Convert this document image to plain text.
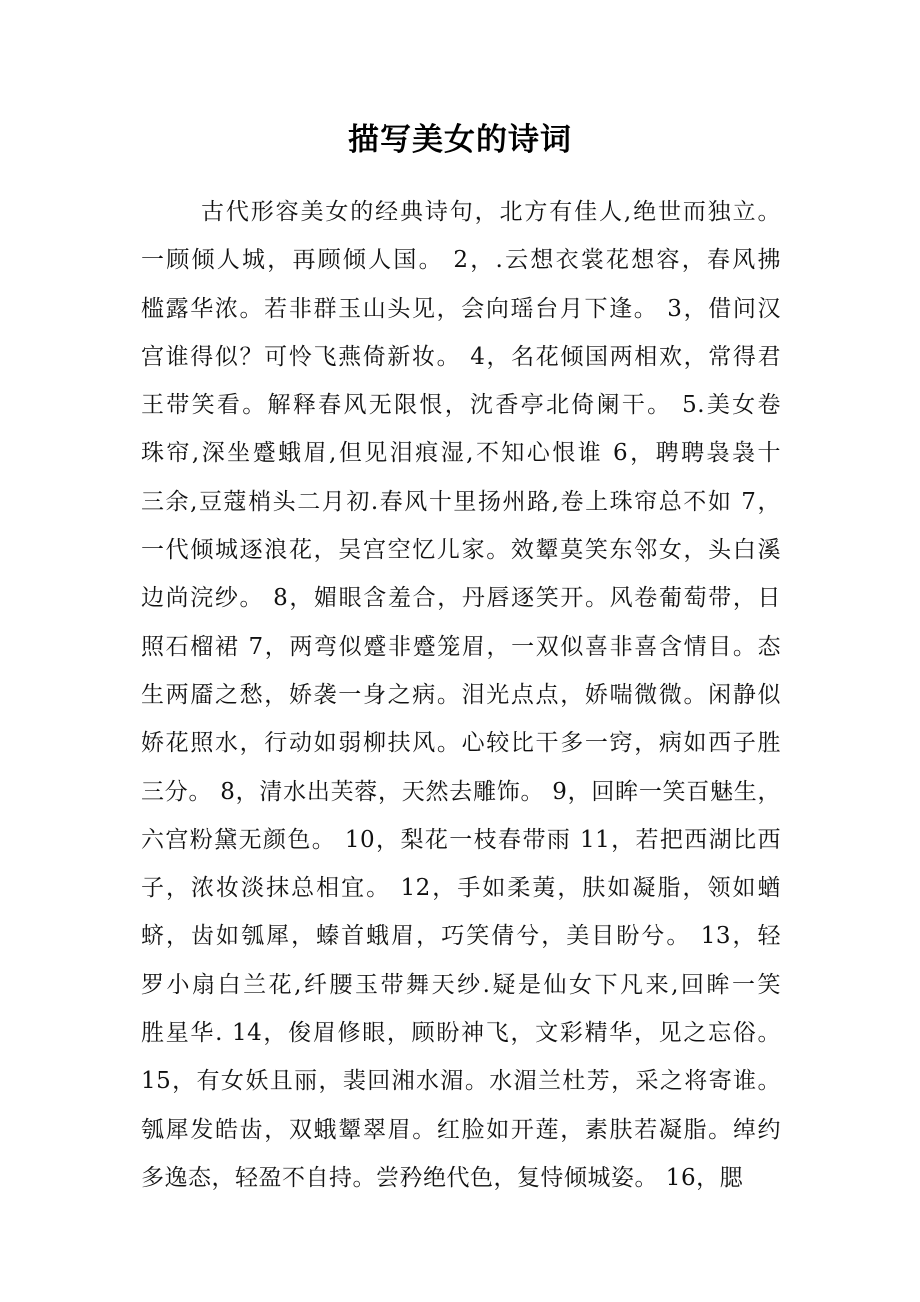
描写美女的诗词
古代形容美女的经典诗句，北方有佳人,绝世而独立。
一顾倾人城，再顾倾人国。 2，.云想衣裳花想容，春风拂
槛露华浓。若非群玉山头见，会向瑶台月下逢。 3，借问汉
宫谁得似？可怜飞燕倚新妆。 4，名花倾国两相欢，常得君
王带笑看。解释春风无限恨，沈香亭北倚阑干。 5.美女卷
珠帘,深坐蹙蛾眉,但见泪痕湿,不知心恨谁 6，聘聘袅袅十
三余,豆蔻梢头二月初.春风十里扬州路,卷上珠帘总不如 7，
一代倾城逐浪花，吴宫空忆儿家。效颦莫笑东邻女，头白溪
边尚浣纱。 8，媚眼含羞合，丹唇逐笑开。风卷葡萄带，日
照石榴裙 7，两弯似蹙非蹙笼眉，一双似喜非喜含情目。态
生两靥之愁，娇袭一身之病。泪光点点，娇喘微微。闲静似
娇花照水，行动如弱柳扶风。心较比干多一窍，病如西子胜
三分。 8，清水出芙蓉，天然去雕饰。 9，回眸一笑百魅生，
六宫粉黛无颜色。 10，梨花一枝春带雨 11，若把西湖比西
子，浓妆淡抹总相宜。 12，手如柔荑，肤如凝脂，领如蝤
蛴，齿如瓠犀，螓首蛾眉，巧笑倩兮，美目盼兮。 13，轻
罗小扇白兰花,纤腰玉带舞天纱.疑是仙女下凡来,回眸一笑
胜星华. 14，俊眉修眼，顾盼神飞，文彩精华，见之忘俗。
15，有女妖且丽，裴回湘水湄。水湄兰杜芳，采之将寄谁。
瓠犀发皓齿，双蛾颦翠眉。红脸如开莲，素肤若凝脂。绰约
多逸态，轻盈不自持。尝矜绝代色，复恃倾城姿。 16，腮
